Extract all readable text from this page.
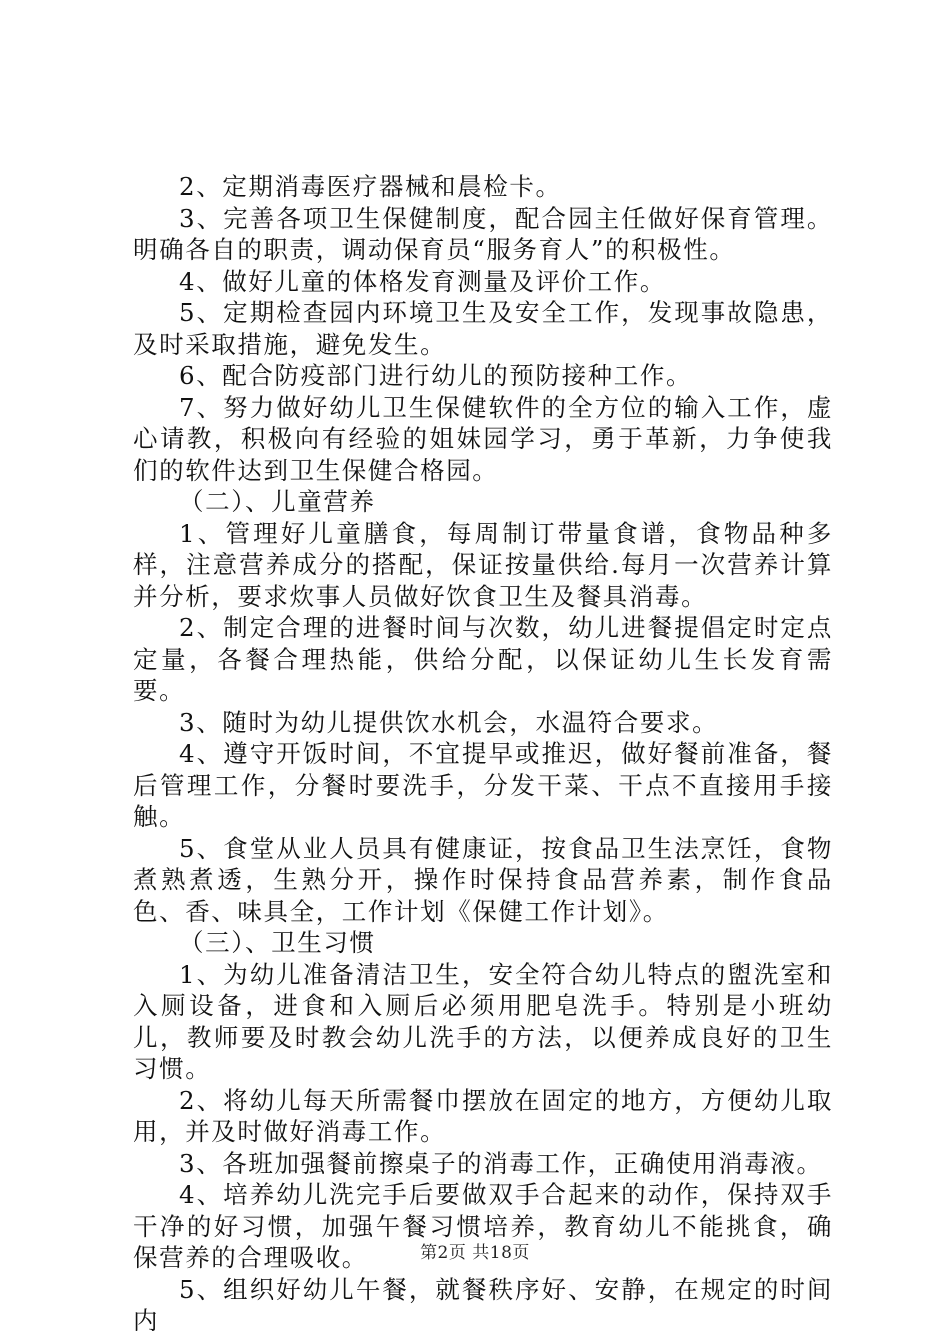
2、定期消毒医疗器械和晨检卡。

3、完善各项卫生保健制度，配合园主任做好保育管理。明确各自的职责，调动保育员“服务育人”的积极性。

4、做好儿童的体格发育测量及评价工作。

5、定期检查园内环境卫生及安全工作，发现事故隐患，及时采取措施，避免发生。

6、配合防疫部门进行幼儿的预防接种工作。

7、努力做好幼儿卫生保健软件的全方位的输入工作，虚心请教，积极向有经验的姐妹园学习，勇于革新，力争使我们的软件达到卫生保健合格园。

（二）、儿童营养

1、管理好儿童膳食，每周制订带量食谱，食物品种多样，注意营养成分的搭配，保证按量供给.每月一次营养计算并分析，要求炊事人员做好饮食卫生及餐具消毒。

2、制定合理的进餐时间与次数，幼儿进餐提倡定时定点定量，各餐合理热能，供给分配，以保证幼儿生长发育需要。

3、随时为幼儿提供饮水机会，水温符合要求。

4、遵守开饭时间，不宜提早或推迟，做好餐前准备，餐后管理工作，分餐时要洗手，分发干菜、干点不直接用手接触。

5、食堂从业人员具有健康证，按食品卫生法烹饪，食物煮熟煮透，生熟分开，操作时保持食品营养素，制作食品色、香、味具全，工作计划《保健工作计划》。

（三）、卫生习惯

1、为幼儿准备清洁卫生，安全符合幼儿特点的盥洗室和入厕设备，进食和入厕后必须用肥皂洗手。特别是小班幼儿，教师要及时教会幼儿洗手的方法，以便养成良好的卫生习惯。

2、将幼儿每天所需餐巾摆放在固定的地方，方便幼儿取用，并及时做好消毒工作。

3、各班加强餐前擦桌子的消毒工作，正确使用消毒液。

4、培养幼儿洗完手后要做双手合起来的动作，保持双手干净的好习惯，加强午餐习惯培养，教育幼儿不能挑食，确保营养的合理吸收。

5、组织好幼儿午餐，就餐秩序好、安静，在规定的时间内

第2页 共18页
